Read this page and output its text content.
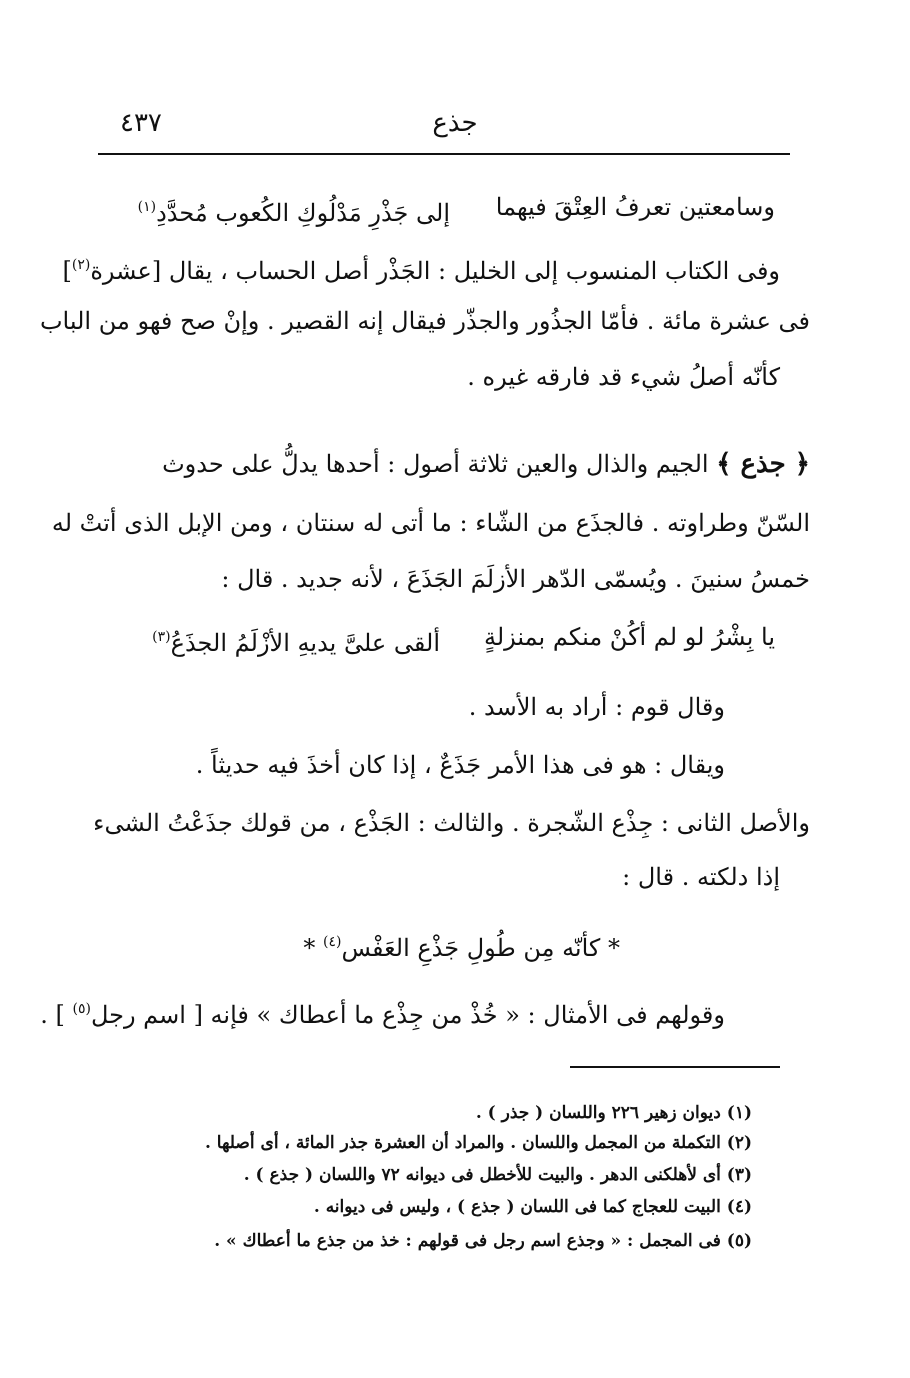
جذع
٤٣٧
وسامعتين تعرفُ العِتْقَ فيهما
إلى جَذْرِ مَدْلُوكِ الكُعوب مُحدَّدِ$^{(١)}$
وفى الكتاب المنسوب إلى الخليل : الجَذْر أصل الحساب ، يقال [عشرة$^{(٢)}$]
فى عشرة مائة . فأمّا الجذُور والجذّر فيقال إنه القصير . وإنْ صح فهو من الباب
كأنّه أصلُ شيء قد فارقه غيره .
﴿ جذع ﴾ الجيم والذال والعين ثلاثة أصول : أحدها يدلُّ على حدوث
السّنّ وطراوته . فالجذَع من الشّاء : ما أتى له سنتان ، ومن الإبل الذى أتتْ له
خمسُ سنينَ . ويُسمّى الدّهر الأزلَمَ الجَذَعَ ، لأنه جديد . قال :
يا بِشْرُ لو لم أكُنْ منكم بمنزلةٍ
ألقى علىَّ يديهِ الأزْلَمُ الجذَعُ$^{(٣)}$
وقال قوم : أراد به الأسد .
ويقال : هو فى هذا الأمر جَذَعٌ ، إذا كان أخذَ فيه حديثاً .
والأصل الثانى : جِذْع الشّجرة . والثالث : الجَذْع ، من قولك جذَعْتُ الشىء
إذا دلكته . قال :
* كأنّه مِن طُولِ جَذْعِ العَفْس$^{(٤)}$ *
وقولهم فى الأمثال : « خُذْ من جِذْع ما أعطاك » فإنه [ اسم رجل$^{(٥)}$ ] .
(١) ديوان زهير ٢٢٦ واللسان ( جذر ) .
(٢) التكملة من المجمل واللسان . والمراد أن العشرة جذر المائة ، أى أصلها .
(٣) أى لأهلكنى الدهر . والبيت للأخطل فى ديوانه ٧٢ واللسان ( جذع ) .
(٤) البيت للعجاج كما فى اللسان ( جذع ) ، وليس فى ديوانه .
(٥) فى المجمل : « وجذع اسم رجل فى قولهم : خذ من جذع ما أعطاك » .
